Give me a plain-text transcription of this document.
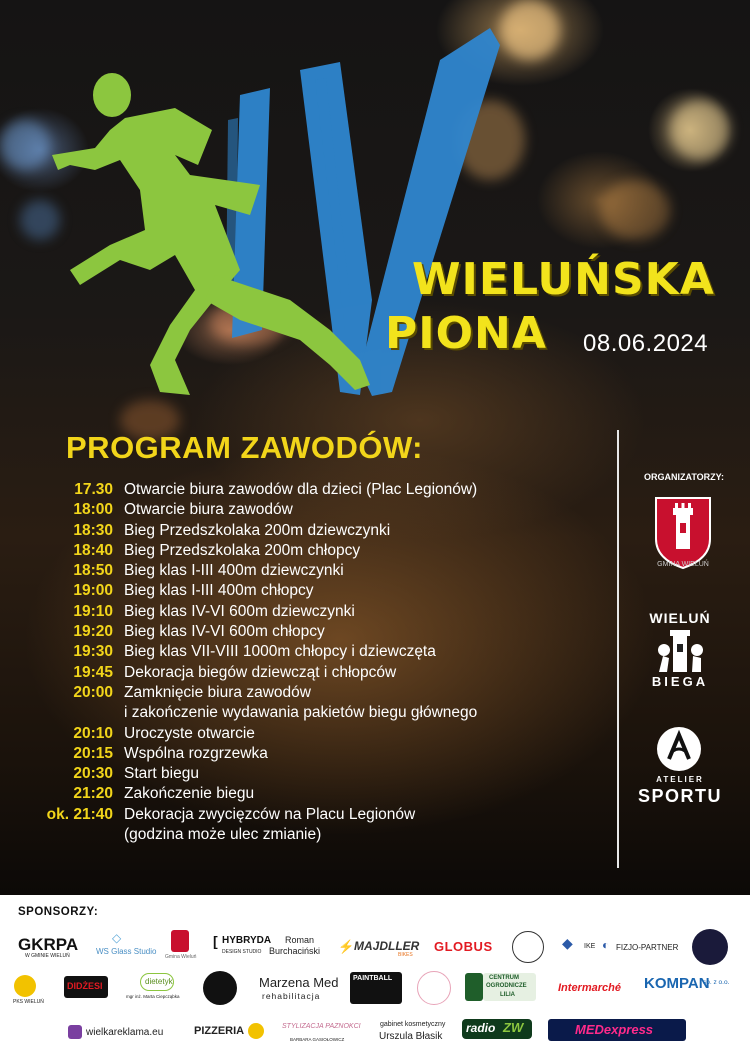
WIELUŃSKA
PIONA 08.06.2024
PROGRAM ZAWODÓW:
17.30 Otwarcie biura zawodów dla dzieci (Plac Legionów)
18:00 Otwarcie biura zawodów
18:30 Bieg Przedszkolaka 200m dziewczynki
18:40 Bieg Przedszkolaka 200m chłopcy
18:50 Bieg klas I-III 400m dziewczynki
19:00 Bieg klas I-III 400m chłopcy
19:10 Bieg klas IV-VI 600m dziewczynki
19:20 Bieg klas IV-VI 600m chłopcy
19:30 Bieg klas VII-VIII 1000m chłopcy i dziewczęta
19:45 Dekoracja biegów dziewcząt i chłopców
20:00 Zamknięcie biura zawodów
i zakończenie wydawania pakietów biegu głównego
20:10 Uroczyste otwarcie
20:15 Wspólna rozgrzewka
20:30 Start biegu
21:20 Zakończenie biegu
ok. 21:40 Dekoracja zwycięzców na Placu Legionów
(godzina może ulec zmianie)
ORGANIZATORZY:
GMINA WIELUŃ
WIELUŃ
BIEGA
ATELIER
SPORTU
SPONSORZY:
GKRPA
W GMINIE WIELUŃ
◇
WS Glass Studio
Gmina Wieluń
[ HYBRYDA
DESIGN STUDIO
Roman
Burchaciński ⚡ MAJDLLER
BIKES
GLOBUS	◆ IKE ◐ FIZJO-PARTNER
PKS WIELUŃ
DIDŻESI	dietetyk
mgr inż. Marta Ciepcząbka
Marzena Med
rehabilitacja
PAINTBALL	CENTRUM
OGRODNICZE
LILIA
Intermarché KOMPAN
sp. z o.o.
wielkareklama.eu	PIZZERIA	STYLIZACJA PAZNOKCI
BARBARA GASIOŁOWICZ
gabinet kosmetyczny
Urszula Błasik
radio ZW	MEDexpress
